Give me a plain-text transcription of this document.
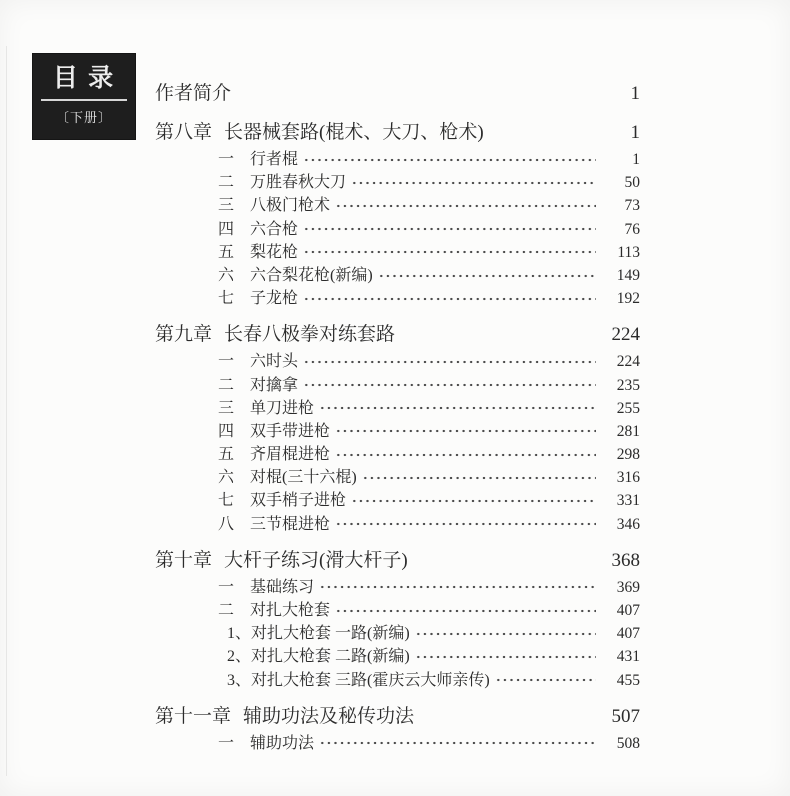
目 录
〔下册〕
作者简介	1
第八章 长器械套路(棍术、大刀、枪术)	1
一 行者棍	1
二 万胜春秋大刀	50
三 八极门枪术	73
四 六合枪	76
五 梨花枪	113
六 六合梨花枪(新编)	149
七 子龙枪	192
第九章 长春八极拳对练套路	224
一 六时头	224
二 对擒拿	235
三 单刀进枪	255
四 双手带进枪	281
五 齐眉棍进枪	298
六 对棍(三十六棍)	316
七 双手梢子进枪	331
八 三节棍进枪	346
第十章 大杆子练习(滑大杆子)	368
一 基础练习	369
二 对扎大枪套	407
1、对扎大枪套 一路(新编)	407
2、对扎大枪套 二路(新编)	431
3、对扎大枪套 三路(霍庆云大师亲传)	455
第十一章 辅助功法及秘传功法	507
一 辅助功法	508
